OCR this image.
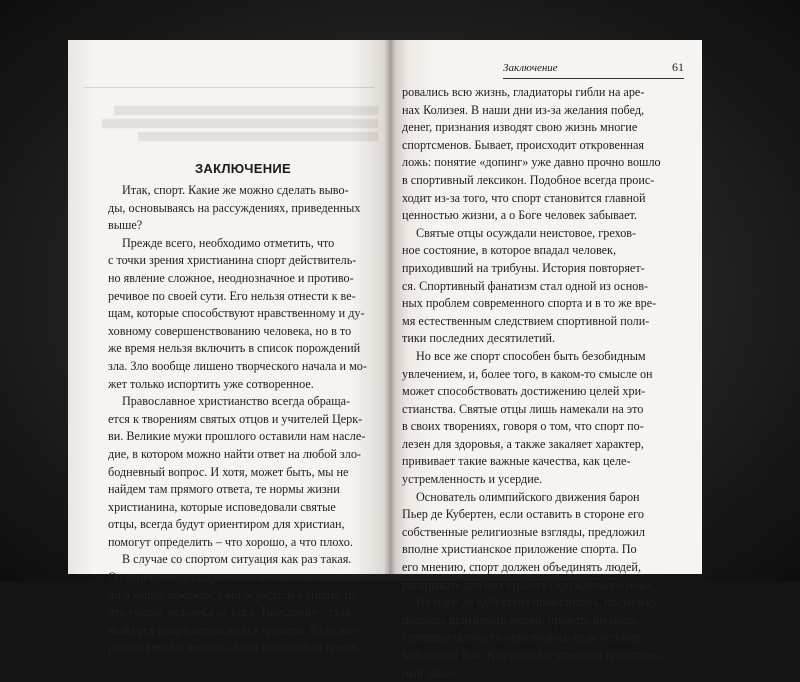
ЗАКЛЮЧЕНИЕ
Итак, спорт. Какие же можно сделать выво-
ды, основываясь на рассуждениях, приведенных
выше?
Прежде всего, необходимо отметить, что
с точки зрения христианина спорт действитель-
но явление сложное, неоднозначное и противо-
речивое по своей сути. Его нельзя отнести к ве-
щам, которые способствуют нравственному и ду-
ховному совершенствованию человека, но в то
же время нельзя включить в список порождений
зла. Зло вообще лишено творческого начала и мо-
жет только испортить уже сотворенное.
Православное христианство всегда обраща-
ется к творениям святых отцов и учителей Церк-
ви. Великие мужи прошлого оставили нам насле-
дие, в котором можно найти ответ на любой зло-
бодневный вопрос. И хотя, может быть, мы не
найдем там прямого ответа, те нормы жизни
христианина, которые исповедовали святые
отцы, всегда будут ориентиром для христиан,
помогут определить – что хорошо, а что плохо.
В случае со спортом ситуация как раз такая.
О современном спорте отцы не писали, но писа-
ли о вещах похожих. Они осуждали в спорте то,
что уводит человека от Бога. Тщеславие – глав-
ный грех спортсменов во все времена. Ради лав-
рового венка и земной славы олимпийцы трени-
Заключение	61
ровались всю жизнь, гладиаторы гибли на аре-
нах Колизея. В наши дни из-за желания побед,
денег, признания изводят свою жизнь многие
спортсменов. Бывает, происходит откровенная
ложь: понятие «допинг» уже давно прочно вошло
в спортивный лексикон. Подобное всегда проис-
ходит из-за того, что спорт становится главной
ценностью жизни, а о Боге человек забывает.
Святые отцы осуждали неистовое, грехов-
ное состояние, в которое впадал человек,
приходивший на трибуны. История повторяет-
ся. Спортивный фанатизм стал одной из основ-
ных проблем современного спорта и в то же вре-
мя естественным следствием спортивной поли-
тики последних десятилетий.
Но все же спорт способен быть безобидным
увлечением, и, более того, в каком-то смысле он
может способствовать достижению целей хри-
стианства. Святые отцы лишь намекали на это
в своих творениях, говоря о том, что спорт по-
лезен для здоровья, а также закаляет характер,
прививает такие важные качества, как целе-
устремленность и усердие.
Основатель олимпийского движения барон
Пьер де Кубертен, если оставить в стороне его
собственные религиозные взгляды, предложил
вполне христианское приложение спорта. По
его мнению, спорт должен объединять людей,
раскрывать для них красоту окружающего мира.
Но идеи де Кубертена провалились, поскольку
попытка примирить людей, привить им нрав-
ственные ценности невозможна, если человек
забывает о Том, Кто создал и утвердил нравствен-
ный закон.
